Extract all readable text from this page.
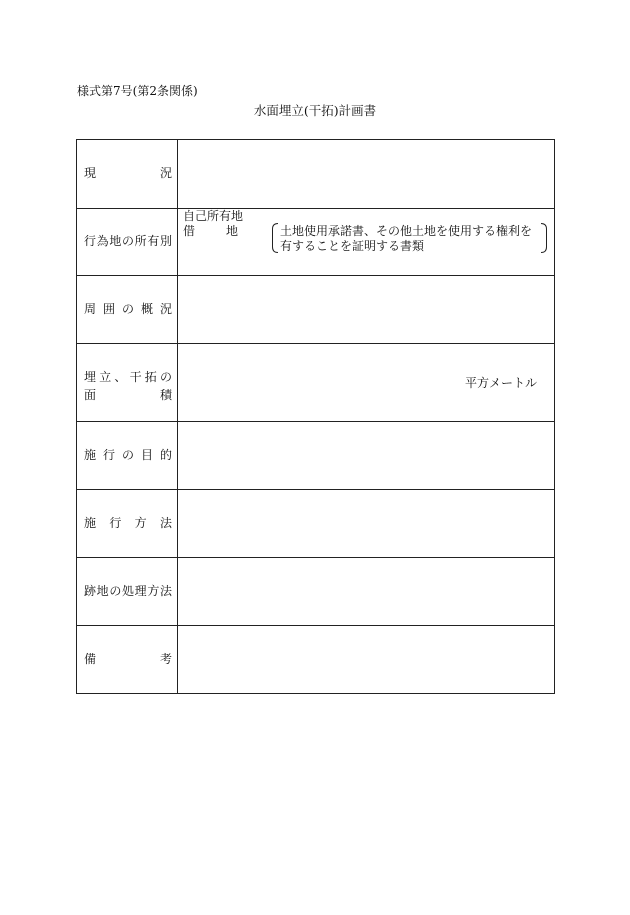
様式第7号(第2条関係)
水面埋立(干拓)計画書
現　　　　　況
行為地の所有別
自己所有地
借　地	土地使用承諾書、その他土地を使用する権利を有することを証明する書類
周囲の概況
埋立、干拓の
面　　　　積
平方メートル
施行の目的
施行方法
跡地の処理方法
備　　　　　考
